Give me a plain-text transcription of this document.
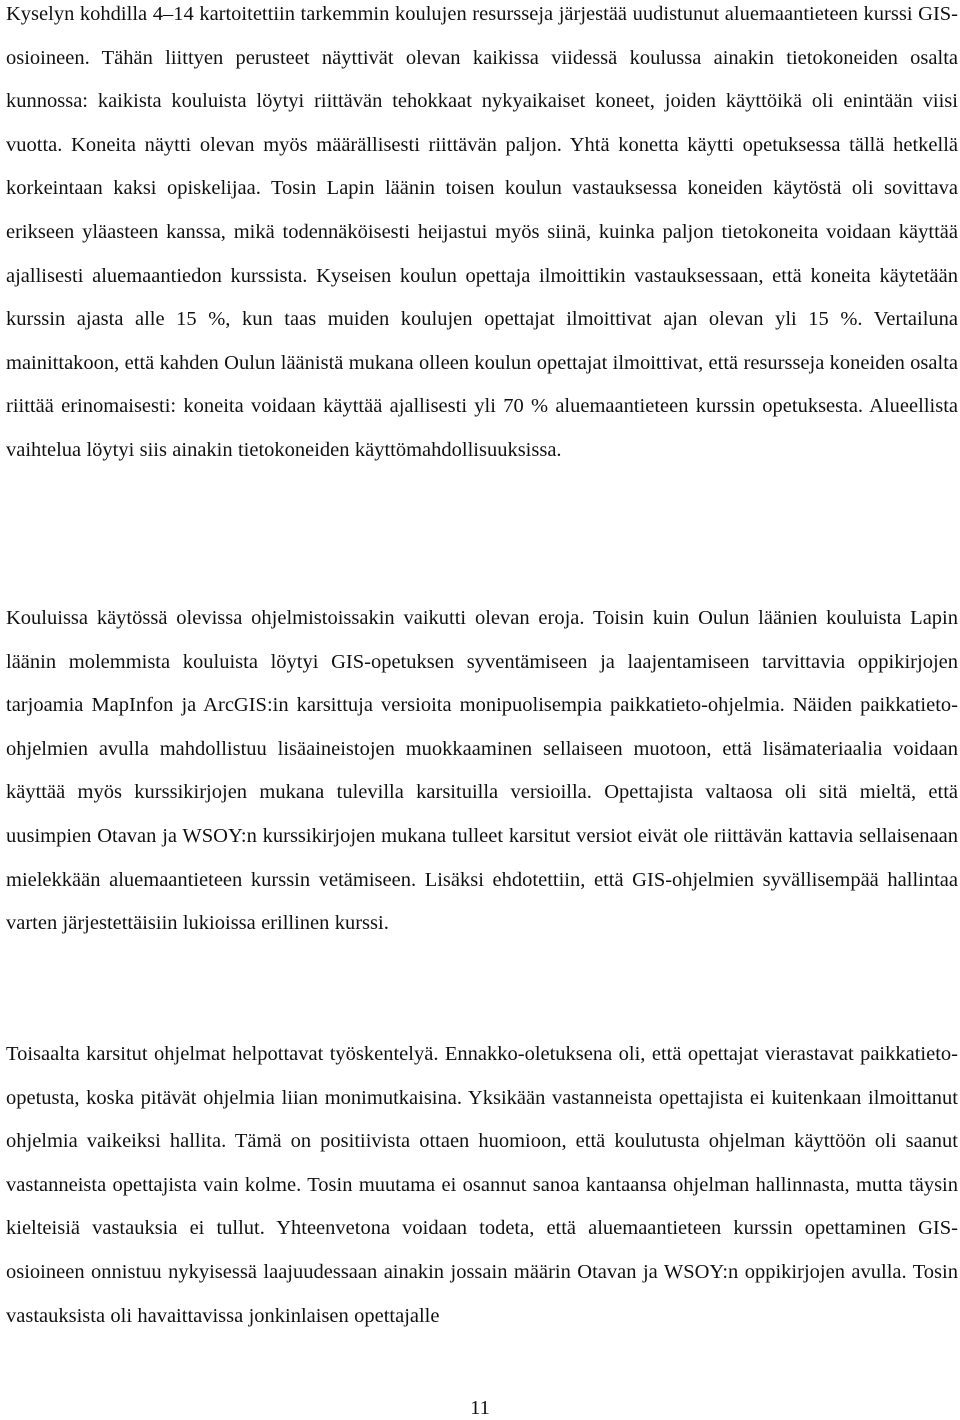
Kyselyn kohdilla 4–14 kartoitettiin tarkemmin koulujen resursseja järjestää uudistunut aluemaantieteen kurssi GIS-osioineen. Tähän liittyen perusteet näyttivät olevan kaikissa viidessä koulussa ainakin tietokoneiden osalta kunnossa: kaikista kouluista löytyi riittävän tehokkaat nykyaikaiset koneet, joiden käyttöikä oli enintään viisi vuotta. Koneita näytti olevan myös määrällisesti riittävän paljon. Yhtä konetta käytti opetuksessa tällä hetkellä korkeintaan kaksi opiskelijaa. Tosin Lapin läänin toisen koulun vastauksessa koneiden käytöstä oli sovittava erikseen yläasteen kanssa, mikä todennäköisesti heijastui myös siinä, kuinka paljon tietokoneita voidaan käyttää ajallisesti aluemaantiedon kurssista. Kyseisen koulun opettaja ilmoittikin vastauksessaan, että koneita käytetään kurssin ajasta alle 15 %, kun taas muiden koulujen opettajat ilmoittivat ajan olevan yli 15 %. Vertailuna mainittakoon, että kahden Oulun läänistä mukana olleen koulun opettajat ilmoittivat, että resursseja koneiden osalta riittää erinomaisesti: koneita voidaan käyttää ajallisesti yli 70 % aluemaantieteen kurssin opetuksesta. Alueellista vaihtelua löytyi siis ainakin tietokoneiden käyttömahdollisuuksissa.

Kouluissa käytössä olevissa ohjelmistoissakin vaikutti olevan eroja. Toisin kuin Oulun läänien kouluista Lapin läänin molemmista kouluista löytyi GIS-opetuksen syventämiseen ja laajentamiseen tarvittavia oppikirjojen tarjoamia MapInfon ja ArcGIS:in karsittuja versioita monipuolisempia paikkatieto-ohjelmia. Näiden paikkatieto-ohjelmien avulla mahdollistuu lisäaineistojen muokkaaminen sellaiseen muotoon, että lisämateriaalia voidaan käyttää myös kurssikirjojen mukana tulevilla karsituilla versioilla. Opettajista valtaosa oli sitä mieltä, että uusimpien Otavan ja WSOY:n kurssikirjojen mukana tulleet karsitut versiot eivät ole riittävän kattavia sellaisenaan mielekkään aluemaantieteen kurssin vetämiseen. Lisäksi ehdotettiin, että GIS-ohjelmien syvällisempää hallintaa varten järjestettäisiin lukioissa erillinen kurssi.

Toisaalta karsitut ohjelmat helpottavat työskentelyä. Ennakko-oletuksena oli, että opettajat vierastavat paikkatieto-opetusta, koska pitävät ohjelmia liian monimutkaisina. Yksikään vastanneista opettajista ei kuitenkaan ilmoittanut ohjelmia vaikeiksi hallita. Tämä on positiivista ottaen huomioon, että koulutusta ohjelman käyttöön oli saanut vastanneista opettajista vain kolme. Tosin muutama ei osannut sanoa kantaansa ohjelman hallinnasta, mutta täysin kielteisiä vastauksia ei tullut. Yhteenvetona voidaan todeta, että aluemaantieteen kurssin opettaminen GIS-osioineen onnistuu nykyisessä laajuudessaan ainakin jossain määrin Otavan ja WSOY:n oppikirjojen avulla. Tosin vastauksista oli havaittavissa jonkinlaisen opettajalle

11
